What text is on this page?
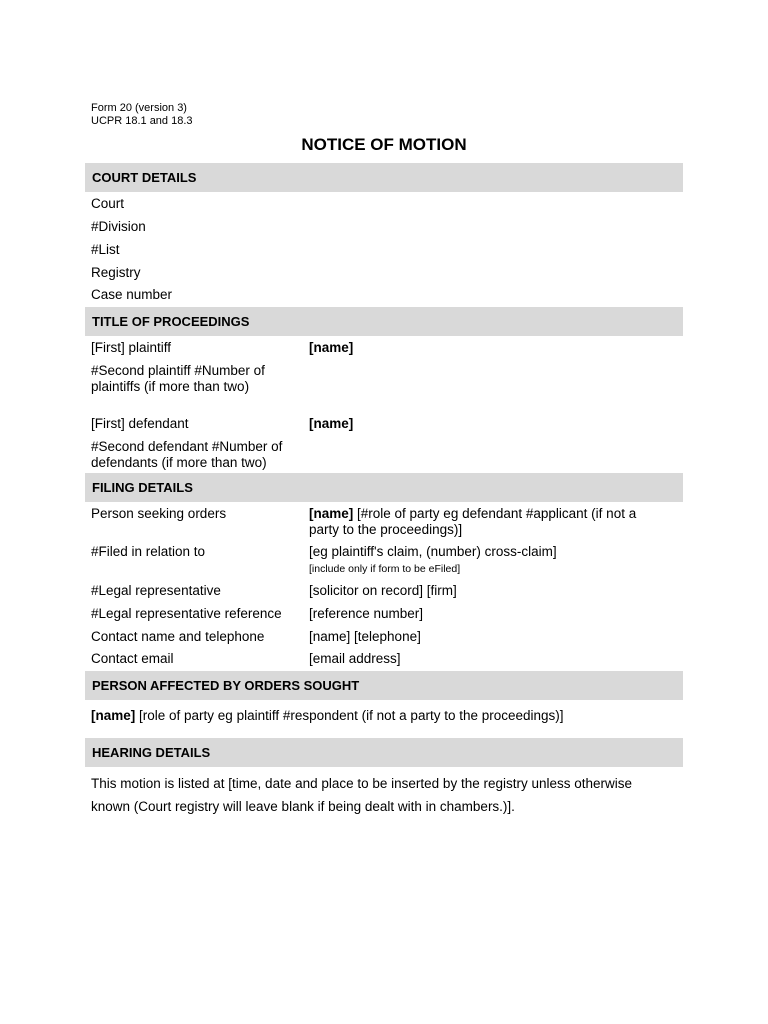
Form 20 (version 3)
UCPR 18.1 and 18.3
NOTICE OF MOTION
COURT DETAILS
Court
#Division
#List
Registry
Case number
TITLE OF PROCEEDINGS
[First] plaintiff	[name]
#Second plaintiff #Number of
plaintiffs (if more than two)
[First] defendant	[name]
#Second defendant #Number of
defendants (if more than two)
FILING DETAILS
Person seeking orders	[name] [#role of party eg defendant #applicant (if not a
party to the proceedings)]
#Filed in relation to	[eg plaintiff's claim, (number) cross-claim]
[include only if form to be eFiled]
#Legal representative	[solicitor on record] [firm]
#Legal representative reference	[reference number]
Contact name and telephone	[name] [telephone]
Contact email	[email address]
PERSON AFFECTED BY ORDERS SOUGHT
[name] [role of party eg plaintiff #respondent (if not a party to the proceedings)]
HEARING DETAILS
This motion is listed at [time, date and place to be inserted by the registry unless otherwise
known (Court registry will leave blank if being dealt with in chambers.)].
